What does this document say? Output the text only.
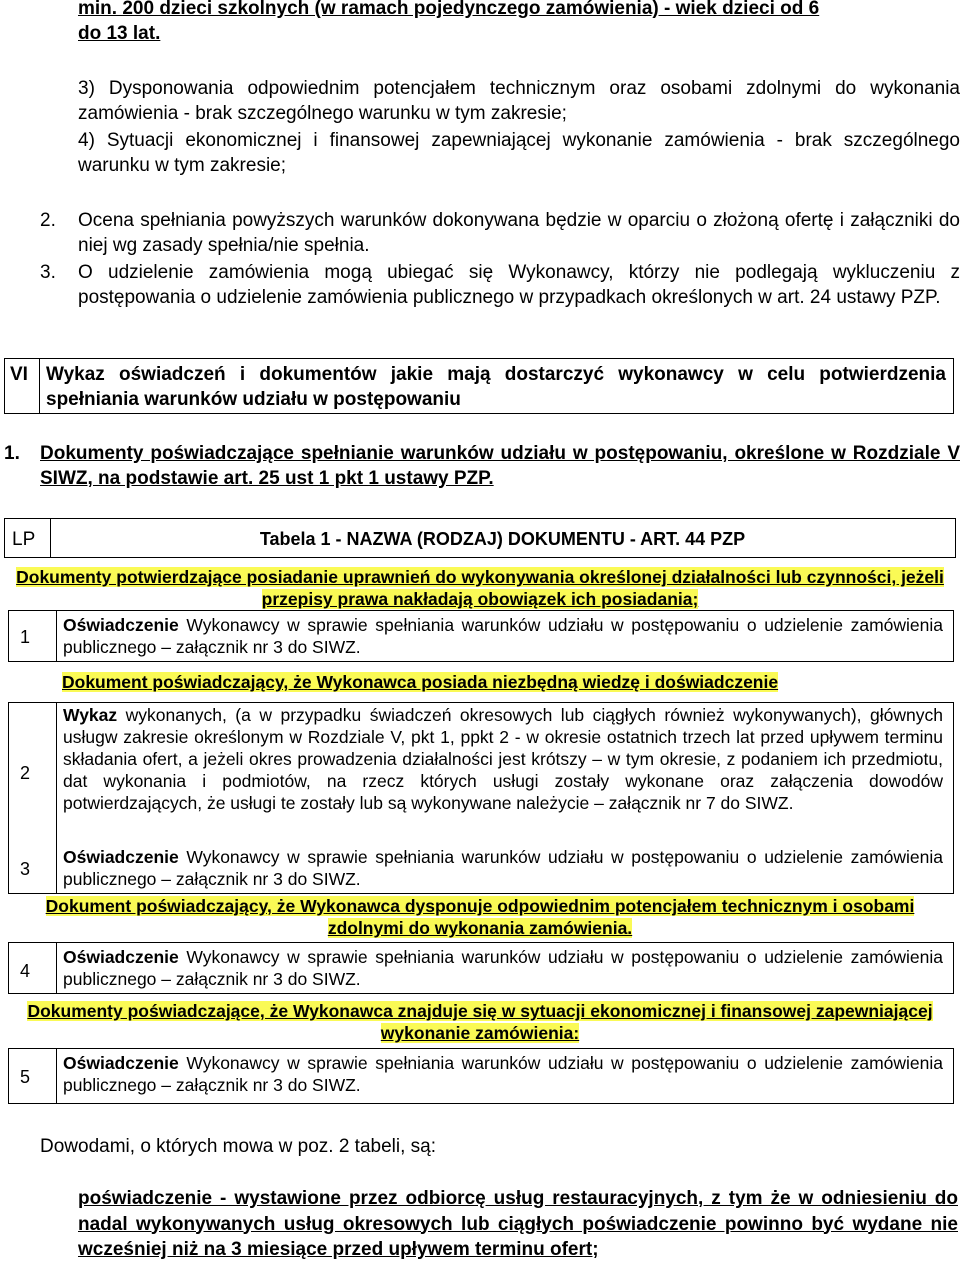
min. 200 dzieci szkolnych (w ramach pojedynczego zamówienia) - wiek dzieci od 6
do 13 lat.
3) Dysponowania odpowiednim potencjałem technicznym oraz osobami zdolnymi do wykonania zamówienia - brak szczególnego warunku w tym zakresie;
4) Sytuacji ekonomicznej i finansowej zapewniającej wykonanie zamówienia - brak szczególnego warunku w tym zakresie;
2. Ocena spełniania powyższych warunków dokonywana będzie w oparciu o złożoną ofertę i załączniki do niej wg zasady spełnia/nie spełnia.
3. O udzielenie zamówienia mogą ubiegać się Wykonawcy, którzy nie podlegają wykluczeniu z postępowania o udzielenie zamówienia publicznego w przypadkach określonych w art. 24 ustawy PZP.
VI Wykaz oświadczeń i dokumentów jakie mają dostarczyć wykonawcy w celu potwierdzenia spełniania warunków udziału w postępowaniu
1. Dokumenty poświadczające spełnianie warunków udziału w postępowaniu, określone w Rozdziale V SIWZ, na podstawie art. 25 ust 1 pkt 1 ustawy PZP.
LP	Tabela 1 - NAZWA (RODZAJ) DOKUMENTU - ART. 44 PZP
Dokumenty potwierdzające posiadanie uprawnień do wykonywania określonej działalności lub czynności, jeżeli przepisy prawa nakładają obowiązek ich posiadania;
1
Oświadczenie Wykonawcy w sprawie spełniania warunków udziału w postępowaniu o udzielenie zamówienia publicznego – załącznik nr 3 do SIWZ.
Dokument poświadczający, że Wykonawca posiada niezbędną wiedzę i doświadczenie
2
Wykaz wykonanych, (a w przypadku świadczeń okresowych lub ciągłych również wykonywanych), głównych usługw zakresie określonym w Rozdziale V, pkt 1, ppkt 2 - w okresie ostatnich trzech lat przed upływem terminu składania ofert, a jeżeli okres prowadzenia działalności jest krótszy – w tym okresie, z podaniem ich przedmiotu, dat wykonania i podmiotów, na rzecz których usługi zostały wykonane oraz załączenia dowodów potwierdzających, że usługi te zostały lub są wykonywane należycie – załącznik nr 7 do SIWZ.
3
Oświadczenie Wykonawcy w sprawie spełniania warunków udziału w postępowaniu o udzielenie zamówienia publicznego – załącznik nr 3 do SIWZ.
Dokument poświadczający, że Wykonawca dysponuje odpowiednim potencjałem technicznym i osobami zdolnymi do wykonania zamówienia.
4
Oświadczenie Wykonawcy w sprawie spełniania warunków udziału w postępowaniu o udzielenie zamówienia publicznego – załącznik nr 3 do SIWZ.
Dokumenty poświadczające, że Wykonawca znajduje się w sytuacji ekonomicznej i finansowej zapewniającej wykonanie zamówienia:
5
Oświadczenie Wykonawcy w sprawie spełniania warunków udziału w postępowaniu o udzielenie zamówienia publicznego – załącznik nr 3 do SIWZ.
Dowodami, o których mowa w poz. 2 tabeli, są:
poświadczenie - wystawione przez odbiorcę usług restauracyjnych, z tym że w odniesieniu do nadal wykonywanych usług okresowych lub ciągłych poświadczenie powinno być wydane nie wcześniej niż na 3 miesiące przed upływem terminu ofert;
